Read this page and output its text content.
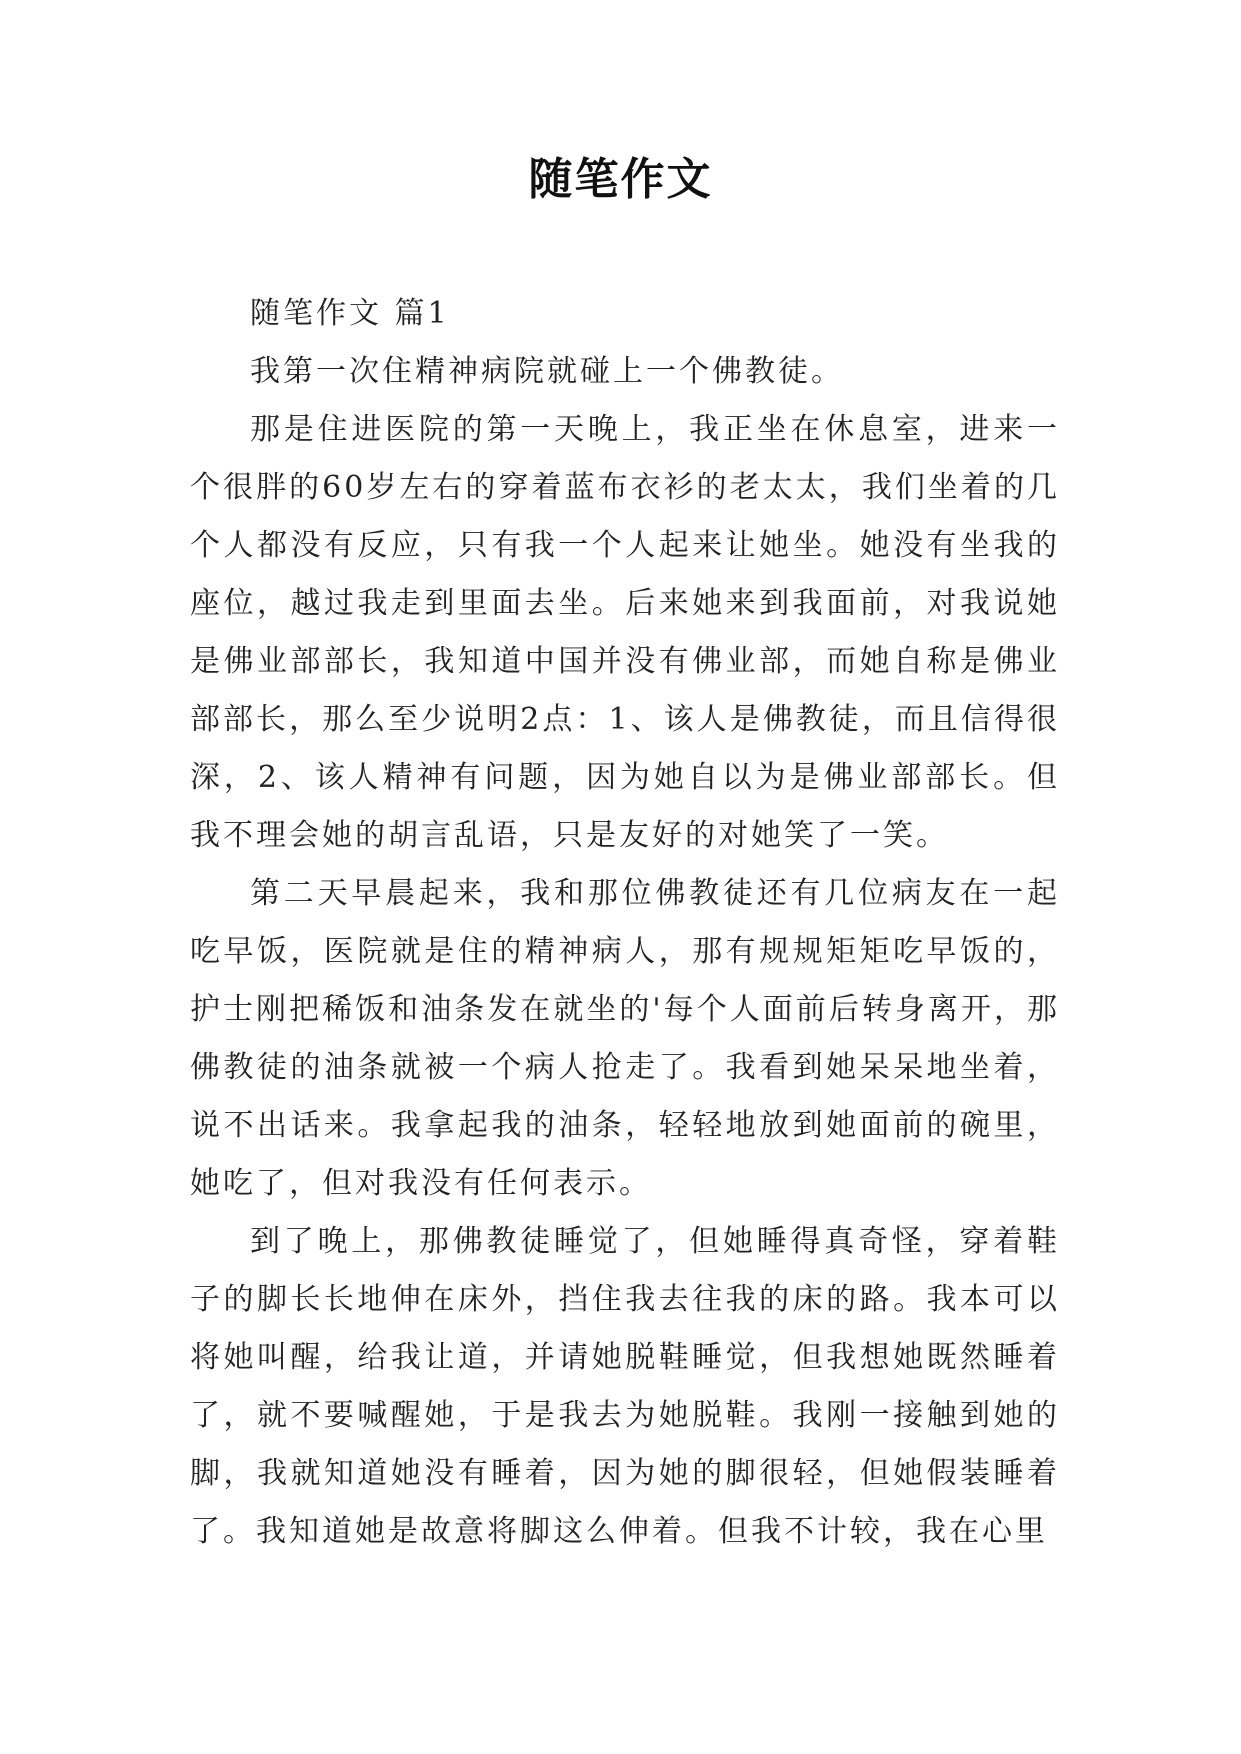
随笔作文

随笔作文 篇1

我第一次住精神病院就碰上一个佛教徒。

那是住进医院的第一天晚上，我正坐在休息室，进来一个很胖的60岁左右的穿着蓝布衣衫的老太太，我们坐着的几个人都没有反应，只有我一个人起来让她坐。她没有坐我的座位，越过我走到里面去坐。后来她来到我面前，对我说她是佛业部部长，我知道中国并没有佛业部，而她自称是佛业部部长，那么至少说明2点：1、该人是佛教徒，而且信得很深，2、该人精神有问题，因为她自以为是佛业部部长。但我不理会她的胡言乱语，只是友好的对她笑了一笑。

第二天早晨起来，我和那位佛教徒还有几位病友在一起吃早饭，医院就是住的精神病人，那有规规矩矩吃早饭的，护士刚把稀饭和油条发在就坐的'每个人面前后转身离开，那佛教徒的油条就被一个病人抢走了。我看到她呆呆地坐着，说不出话来。我拿起我的油条，轻轻地放到她面前的碗里，她吃了，但对我没有任何表示。

到了晚上，那佛教徒睡觉了，但她睡得真奇怪，穿着鞋子的脚长长地伸在床外，挡住我去往我的床的路。我本可以将她叫醒，给我让道，并请她脱鞋睡觉，但我想她既然睡着了，就不要喊醒她，于是我去为她脱鞋。我刚一接触到她的脚，我就知道她没有睡着，因为她的脚很轻，但她假装睡着了。我知道她是故意将脚这么伸着。但我不计较，我在心里
